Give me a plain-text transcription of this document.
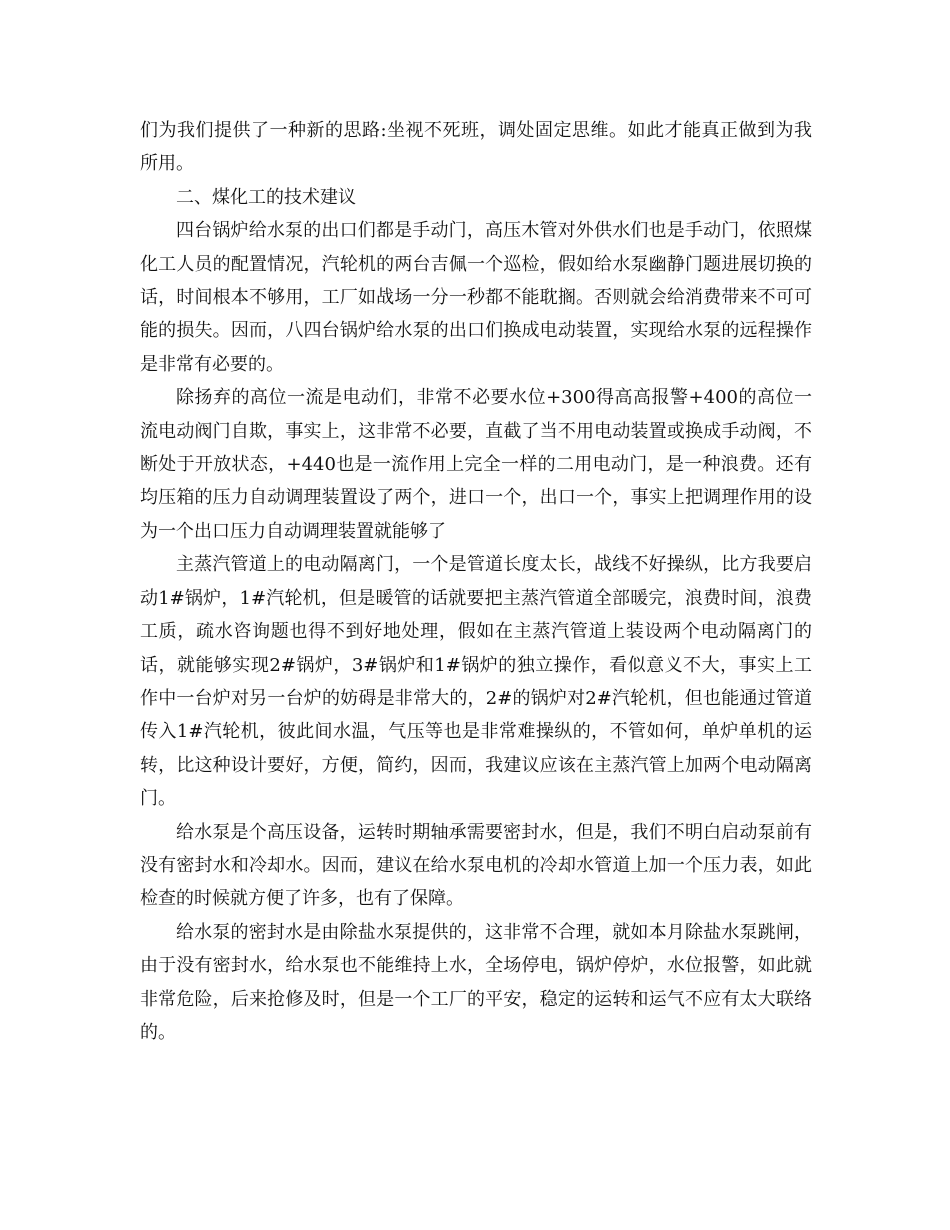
们为我们提供了一种新的思路:坐视不死班，调处固定思维。如此才能真正做到为我所用。

二、煤化工的技术建议

四台锅炉给水泵的出口们都是手动门，高压木管对外供水们也是手动门，依照煤化工人员的配置情况，汽轮机的两台吉佩一个巡检，假如给水泵幽静门题进展切换的话，时间根本不够用，工厂如战场一分一秒都不能耽搁。否则就会给消费带来不可可能的损失。因而，八四台锅炉给水泵的出口们换成电动装置，实现给水泵的远程操作是非常有必要的。

除扬弃的高位一流是电动们，非常不必要水位+300得高高报警+400的高位一流电动阀门自欺，事实上，这非常不必要，直截了当不用电动装置或换成手动阀，不断处于开放状态，+440也是一流作用上完全一样的二用电动门，是一种浪费。还有均压箱的压力自动调理装置设了两个，进口一个，出口一个，事实上把调理作用的设为一个出口压力自动调理装置就能够了

主蒸汽管道上的电动隔离门，一个是管道长度太长，战线不好操纵，比方我要启动1#锅炉，1#汽轮机，但是暖管的话就要把主蒸汽管道全部暖完，浪费时间，浪费工质，疏水咨询题也得不到好地处理，假如在主蒸汽管道上装设两个电动隔离门的话，就能够实现2#锅炉，3#锅炉和1#锅炉的独立操作，看似意义不大，事实上工作中一台炉对另一台炉的妨碍是非常大的，2#的锅炉对2#汽轮机，但也能通过管道传入1#汽轮机，彼此间水温，气压等也是非常难操纵的，不管如何，单炉单机的运转，比这种设计要好，方便，简约，因而，我建议应该在主蒸汽管上加两个电动隔离门。

给水泵是个高压设备，运转时期轴承需要密封水，但是，我们不明白启动泵前有没有密封水和冷却水。因而，建议在给水泵电机的冷却水管道上加一个压力表，如此检查的时候就方便了许多，也有了保障。

给水泵的密封水是由除盐水泵提供的，这非常不合理，就如本月除盐水泵跳闸，由于没有密封水，给水泵也不能维持上水，全场停电，锅炉停炉，水位报警，如此就非常危险，后来抢修及时，但是一个工厂的平安，稳定的运转和运气不应有太大联络的。
